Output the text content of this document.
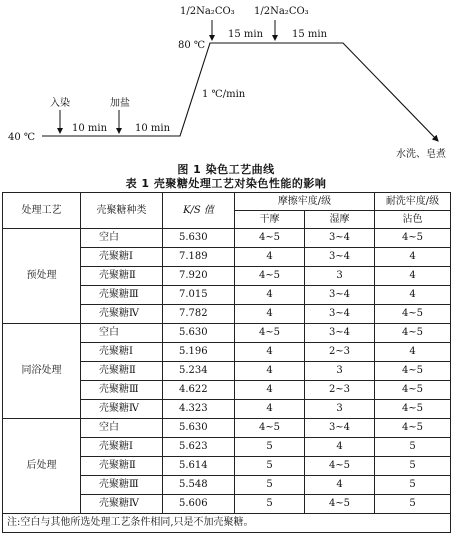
40 ℃
80 ℃
入染	加盐
10 min	10 min
1 ℃/min
1/2Na₂CO₃ 1/2Na₂CO₃
15 min	15 min
水洗、皂煮
图 1 染色工艺曲线
表 1 壳聚糖处理工艺对染色性能的影响
处理工艺	壳聚糖种类	K/S 值	摩擦牢度/级		耐洗牢度/级
			干摩	湿摩	沾色
预处理	空白	5.630	4~5	3~4	4~5
	壳聚糖Ⅰ	7.189	4	3~4	4
	壳聚糖Ⅱ	7.920	4~5	3	4
	壳聚糖Ⅲ	7.015	4	3~4	4
	壳聚糖Ⅳ	7.782	4	3~4	4~5
同浴处理	空白	5.630	4~5	3~4	4~5
	壳聚糖Ⅰ	5.196	4	2~3	4
	壳聚糖Ⅱ	5.234	4	3	4~5
	壳聚糖Ⅲ	4.622	4	2~3	4~5
	壳聚糖Ⅳ	4.323	4	3	4~5
后处理	空白	5.630	4~5	3~4	4~5
	壳聚糖Ⅰ	5.623	5	4	5
	壳聚糖Ⅱ	5.614	5	4~5	5
	壳聚糖Ⅲ	5.548	5	4	5
	壳聚糖Ⅳ	5.606	5	4~5	5
注:空白与其他所选处理工艺条件相同,只是不加壳聚糖。					
